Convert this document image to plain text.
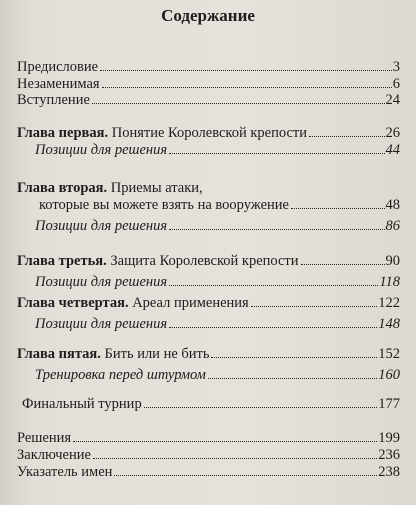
Содержание
Предисловие	3
Незаменимая	6
Вступление	24
Глава первая. Понятие Королевской крепости	26
Позиции для решения	44
Глава вторая. Приемы атаки,
которые вы можете взять на вооружение	48
Позиции для решения	86
Глава третья. Защита Королевской крепости	90
Позиции для решения	118
Глава четвертая. Ареал применения	122
Позиции для решения	148
Глава пятая. Бить или не бить	152
Тренировка перед штурмом	160
Финальный турнир	177
Решения	199
Заключение	236
Указатель имен	238
